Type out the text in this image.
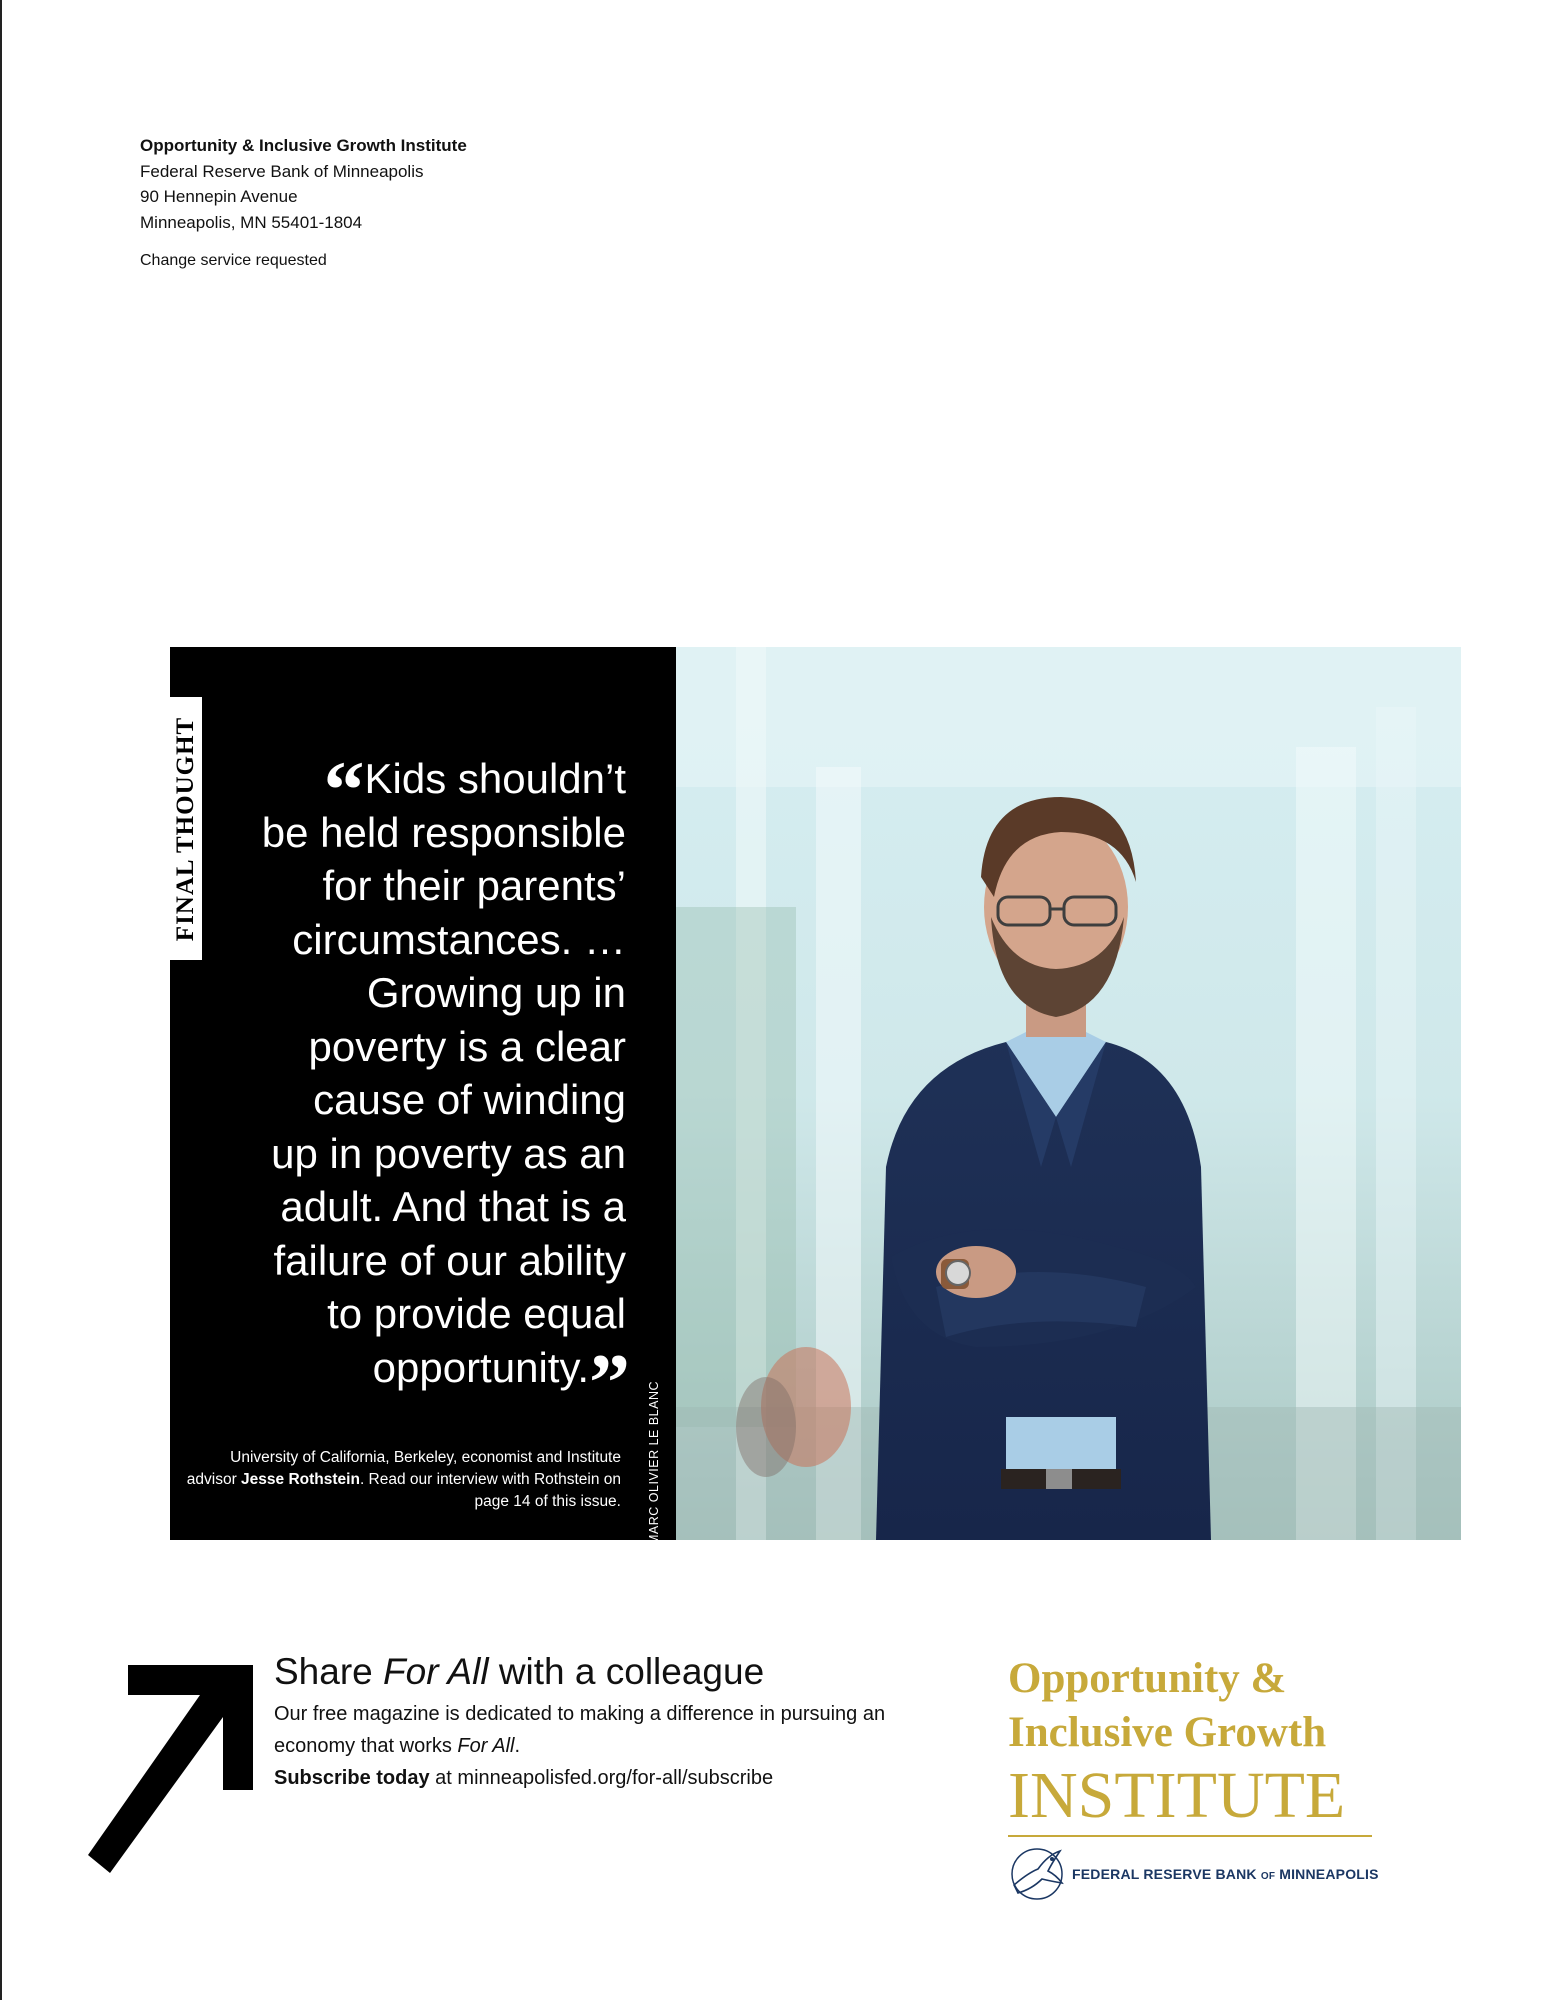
Opportunity & Inclusive Growth Institute
Federal Reserve Bank of Minneapolis
90 Hennepin Avenue
Minneapolis, MN 55401-1804
Change service requested
FINAL THOUGHT	“Kids shouldn’t
be held responsible
for their parents’
circumstances. …
Growing up in
poverty is a clear
cause of winding
up in poverty as an
adult. And that is a
failure of our ability
to provide equal
opportunity.”
University of California, Berkeley, economist and Institute advisor Jesse Rothstein. Read our interview with Rothstein on page 14 of this issue. MARC OLIVIER LE BLANC
Share For All with a colleague
Our free magazine is dedicated to making a difference in pursuing an economy that works For All.
Subscribe today at minneapolisfed.org/for-all/subscribe
Opportunity &
Inclusive Growth
INSTITUTE
FEDERAL RESERVE BANK OF MINNEAPOLIS
